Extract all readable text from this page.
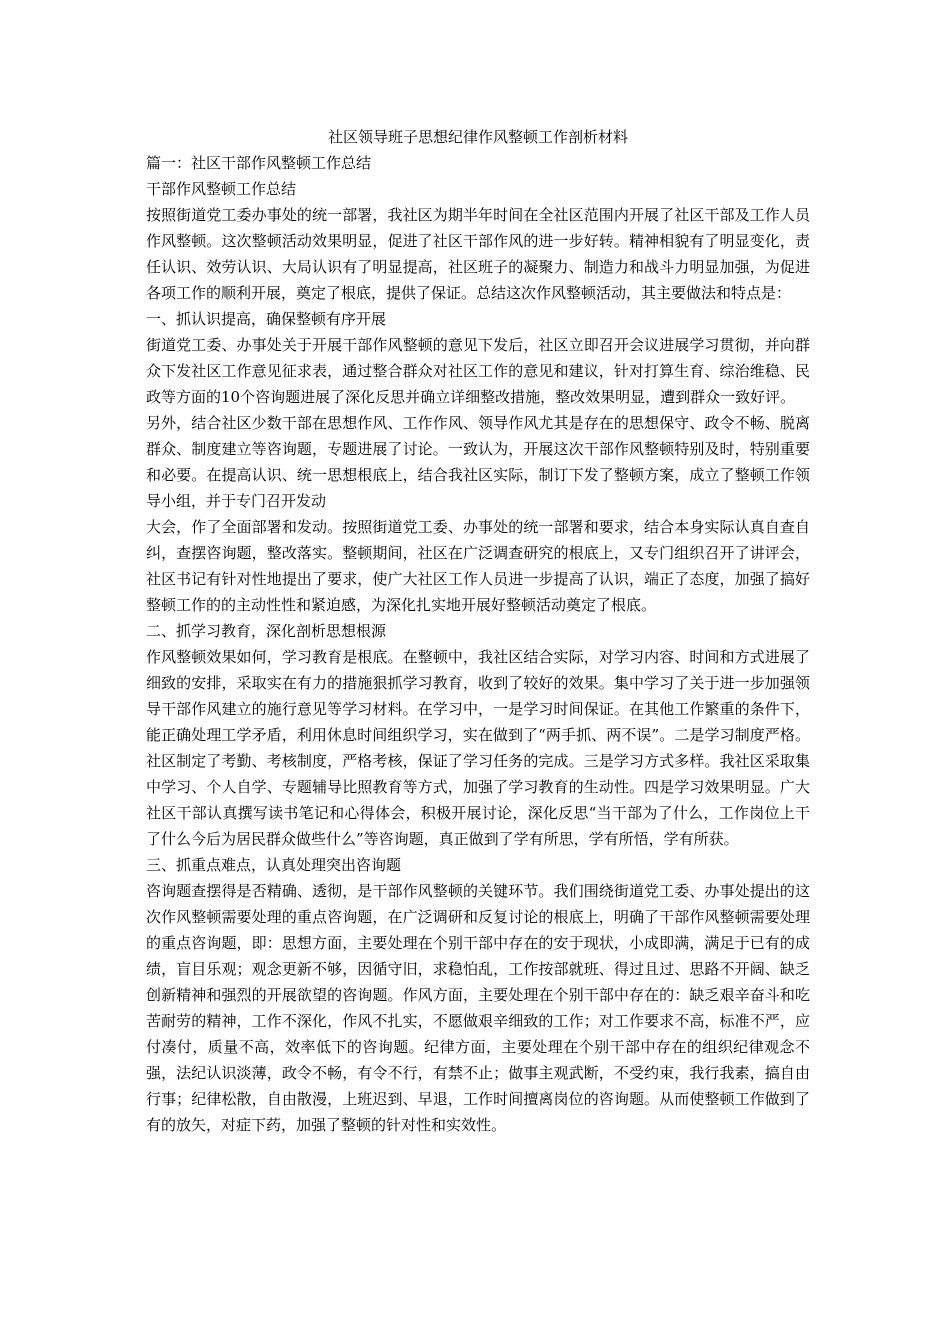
社区领导班子思想纪律作风整顿工作剖析材料

篇一：社区干部作风整顿工作总结

干部作风整顿工作总结

按照街道党工委办事处的统一部署，我社区为期半年时间在全社区范围内开展了社区干部及工作人员作风整顿。这次整顿活动效果明显，促进了社区干部作风的进一步好转。精神相貌有了明显变化，责任认识、效劳认识、大局认识有了明显提高，社区班子的凝聚力、制造力和战斗力明显加强，为促进各项工作的顺利开展，奠定了根底，提供了保证。总结这次作风整顿活动，其主要做法和特点是：

一、抓认识提高，确保整顿有序开展

街道党工委、办事处关于开展干部作风整顿的意见下发后，社区立即召开会议进展学习贯彻，并向群众下发社区工作意见征求表，通过整合群众对社区工作的意见和建议，针对打算生育、综治维稳、民政等方面的10个咨询题进展了深化反思并确立详细整改措施，整改效果明显，遭到群众一致好评。

另外，结合社区少数干部在思想作风、工作作风、领导作风尤其是存在的思想保守、政令不畅、脱离群众、制度建立等咨询题，专题进展了讨论。一致认为，开展这次干部作风整顿特别及时，特别重要和必要。在提高认识、统一思想根底上，结合我社区实际，制订下发了整顿方案，成立了整顿工作领导小组，并于专门召开发动

大会，作了全面部署和发动。按照街道党工委、办事处的统一部署和要求，结合本身实际认真自查自纠，查摆咨询题，整改落实。整顿期间，社区在广泛调查研究的根底上，又专门组织召开了讲评会，社区书记有针对性地提出了要求，使广大社区工作人员进一步提高了认识，端正了态度，加强了搞好整顿工作的的主动性性和紧迫感，为深化扎实地开展好整顿活动奠定了根底。

二、抓学习教育，深化剖析思想根源

作风整顿效果如何，学习教育是根底。在整顿中，我社区结合实际，对学习内容、时间和方式进展了细致的安排，采取实在有力的措施狠抓学习教育，收到了较好的效果。集中学习了关于进一步加强领导干部作风建立的施行意见等学习材料。在学习中，一是学习时间保证。在其他工作繁重的条件下，能正确处理工学矛盾，利用休息时间组织学习，实在做到了“两手抓、两不误”。二是学习制度严格。社区制定了考勤、考核制度，严格考核，保证了学习任务的完成。三是学习方式多样。我社区采取集中学习、个人自学、专题辅导比照教育等方式，加强了学习教育的生动性。四是学习效果明显。广大社区干部认真撰写读书笔记和心得体会，积极开展讨论，深化反思“当干部为了什么，工作岗位上干了什么今后为居民群众做些什么”等咨询题，真正做到了学有所思，学有所悟，学有所获。

三、抓重点难点，认真处理突出咨询题

咨询题查摆得是否精确、透彻，是干部作风整顿的关键环节。我们围绕街道党工委、办事处提出的这次作风整顿需要处理的重点咨询题，在广泛调研和反复讨论的根底上，明确了干部作风整顿需要处理的重点咨询题，即：思想方面，主要处理在个别干部中存在的安于现状，小成即满，满足于已有的成绩，盲目乐观；观念更新不够，因循守旧，求稳怕乱，工作按部就班、得过且过、思路不开阔、缺乏创新精神和强烈的开展欲望的咨询题。作风方面，主要处理在个别干部中存在的：缺乏艰辛奋斗和吃苦耐劳的精神，工作不深化，作风不扎实，不愿做艰辛细致的工作；对工作要求不高，标准不严，应付凑付，质量不高，效率低下的咨询题。纪律方面，主要处理在个别干部中存在的组织纪律观念不强，法纪认识淡薄，政令不畅，有令不行，有禁不止；做事主观武断，不受约束，我行我素，搞自由行事；纪律松散，自由散漫，上班迟到、早退，工作时间擅离岗位的咨询题。从而使整顿工作做到了有的放矢，对症下药，加强了整顿的针对性和实效性。
